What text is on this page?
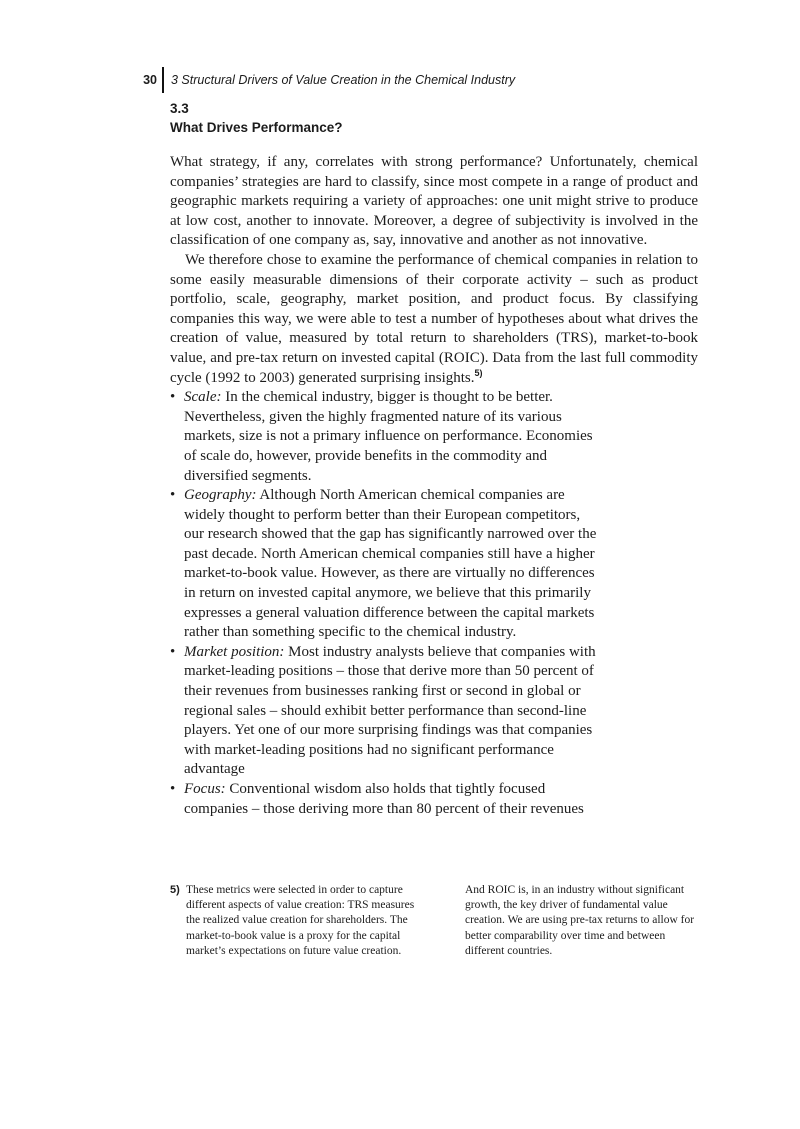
30 3 Structural Drivers of Value Creation in the Chemical Industry
3.3
What Drives Performance?

What strategy, if any, correlates with strong performance? Unfortunately, chemical companies’ strategies are hard to classify, since most compete in a range of product and geographic markets requiring a variety of approaches: one unit might strive to produce at low cost, another to innovate. Moreover, a degree of subjectivity is involved in the classification of one company as, say, innovative and another as not innovative.

We therefore chose to examine the performance of chemical companies in relation to some easily measurable dimensions of their corporate activity – such as product portfolio, scale, geography, market position, and product focus. By classifying companies this way, we were able to test a number of hypotheses about what drives the creation of value, measured by total return to shareholders (TRS), market-to-book value, and pre-tax return on invested capital (ROIC). Data from the last full commodity cycle (1992 to 2003) generated surprising insights.$^{5)}$

• Scale: In the chemical industry, bigger is thought to be better. Nevertheless, given the highly fragmented nature of its various markets, size is not a primary influence on performance. Economies of scale do, however, provide benefits in the commodity and diversified segments.
• Geography: Although North American chemical companies are widely thought to perform better than their European competitors, our research showed that the gap has significantly narrowed over the past decade. North American chemical companies still have a higher market-to-book value. However, as there are virtually no differences in return on invested capital anymore, we believe that this primarily expresses a general valuation difference between the capital markets rather than something specific to the chemical industry.
• Market position: Most industry analysts believe that companies with market-leading positions – those that derive more than 50 percent of their revenues from businesses ranking first or second in global or regional sales – should exhibit better performance than second-line players. Yet one of our more surprising findings was that companies with market-leading positions had no significant performance advantage
• Focus: Conventional wisdom also holds that tightly focused companies – those deriving more than 80 percent of their revenues
5) These metrics were selected in order to capture different aspects of value creation: TRS measures the realized value creation for shareholders. The market-to-book value is a proxy for the capital market’s expectations on future value creation. And ROIC is, in an industry without significant growth, the key driver of fundamental value creation. We are using pre-tax returns to allow for better comparability over time and between different countries.
